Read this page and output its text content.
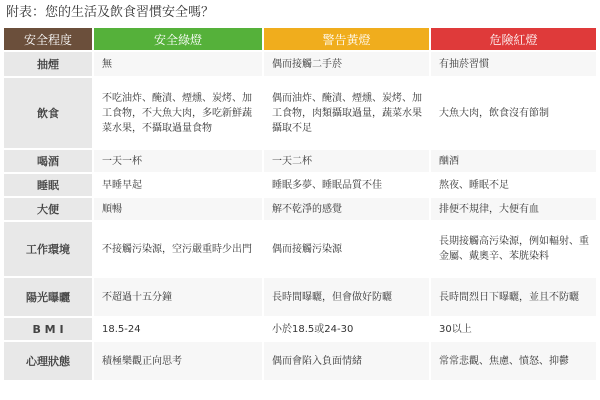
附表：您的生活及飲食習慣安全嗎？
安全程度	安全綠燈	警告黃燈	危險紅燈
抽煙	無	偶而接觸二手菸	有抽菸習慣
飲食	不吃油炸、醃漬、煙燻、炭烤、加工食物，不大魚大肉，多吃新鮮蔬菜水果，不攝取過量食物	偶而油炸、醃漬、煙燻、炭烤、加工食物，肉類攝取過量，蔬菜水果攝取不足	大魚大肉，飲食沒有節制
喝酒	一天一杯	一天二杯	酗酒
睡眠	早睡早起	睡眠多夢、睡眠品質不佳	熬夜、睡眠不足
大便	順暢	解不乾淨的感覺	排便不規律，大便有血
工作環境	不接觸污染源，空污嚴重時少出門	偶而接觸污染源	長期接觸高污染源，例如輻射、重金屬、戴奧辛、苯胱染料
陽光曝曬	不超過十五分鐘	長時間曝曬，但會做好防曬	長時間烈日下曝曬，並且不防曬
B M I	18.5-24	小於18.5或24-30	30以上
心理狀態	積極樂觀正向思考	偶而會陷入負面情緒	常常悲觀、焦慮、憤怒、抑鬱
